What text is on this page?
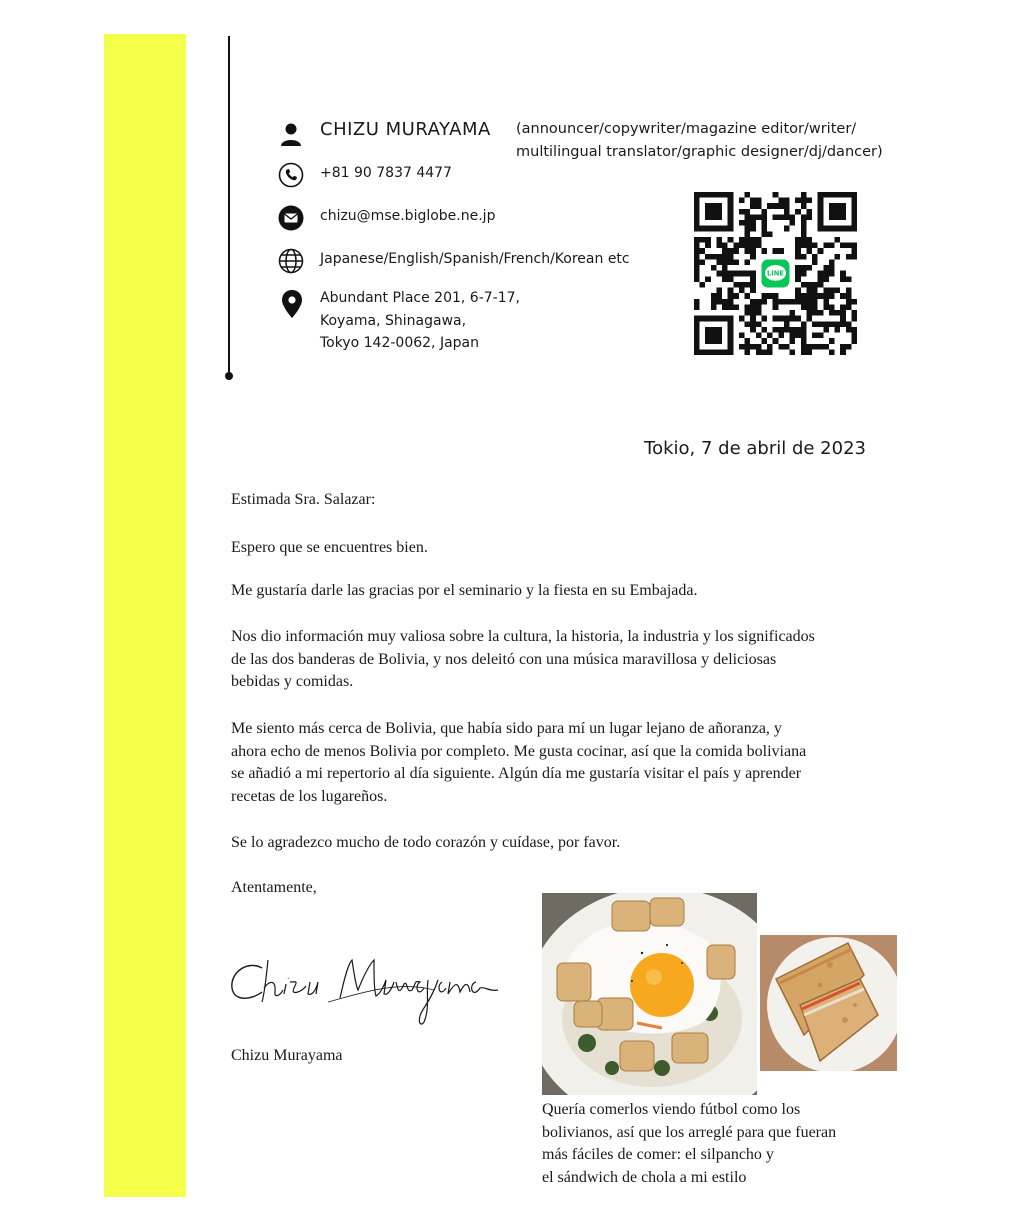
CHIZU MURAYAMA (announcer/copywriter/magazine editor/writer/
multilingual translator/graphic designer/dj/dancer)
+81 90 7837 4477
chizu@mse.biglobe.ne.jp
Japanese/English/Spanish/French/Korean etc
Abundant Place 201, 6-7-17,
Koyama, Shinagawa,
Tokyo 142-0062, Japan
LINE
Tokio, 7 de abril de 2023

Estimada Sra. Salazar:

Espero que se encuentres bien.

Me gustaría darle las gracias por el seminario y la fiesta en su Embajada.

Nos dio información muy valiosa sobre la cultura, la historia, la industria y los significados de las dos banderas de Bolivia, y nos deleitó con una música maravillosa y deliciosas bebidas y comidas.

Me siento más cerca de Bolivia, que había sido para mí un lugar lejano de añoranza, y ahora echo de menos Bolivia por completo. Me gusta cocinar, así que la comida boliviana se añadió a mi repertorio al día siguiente. Algún día me gustaría visitar el país y aprender recetas de los lugareños.

Se lo agradezco mucho de todo corazón y cuídase, por favor.

Atentamente,

Chizu Murayama
Quería comerlos viendo fútbol como los
bolivianos, así que los arreglé para que fueran
más fáciles de comer: el silpancho y
el sándwich de chola a mi estilo
